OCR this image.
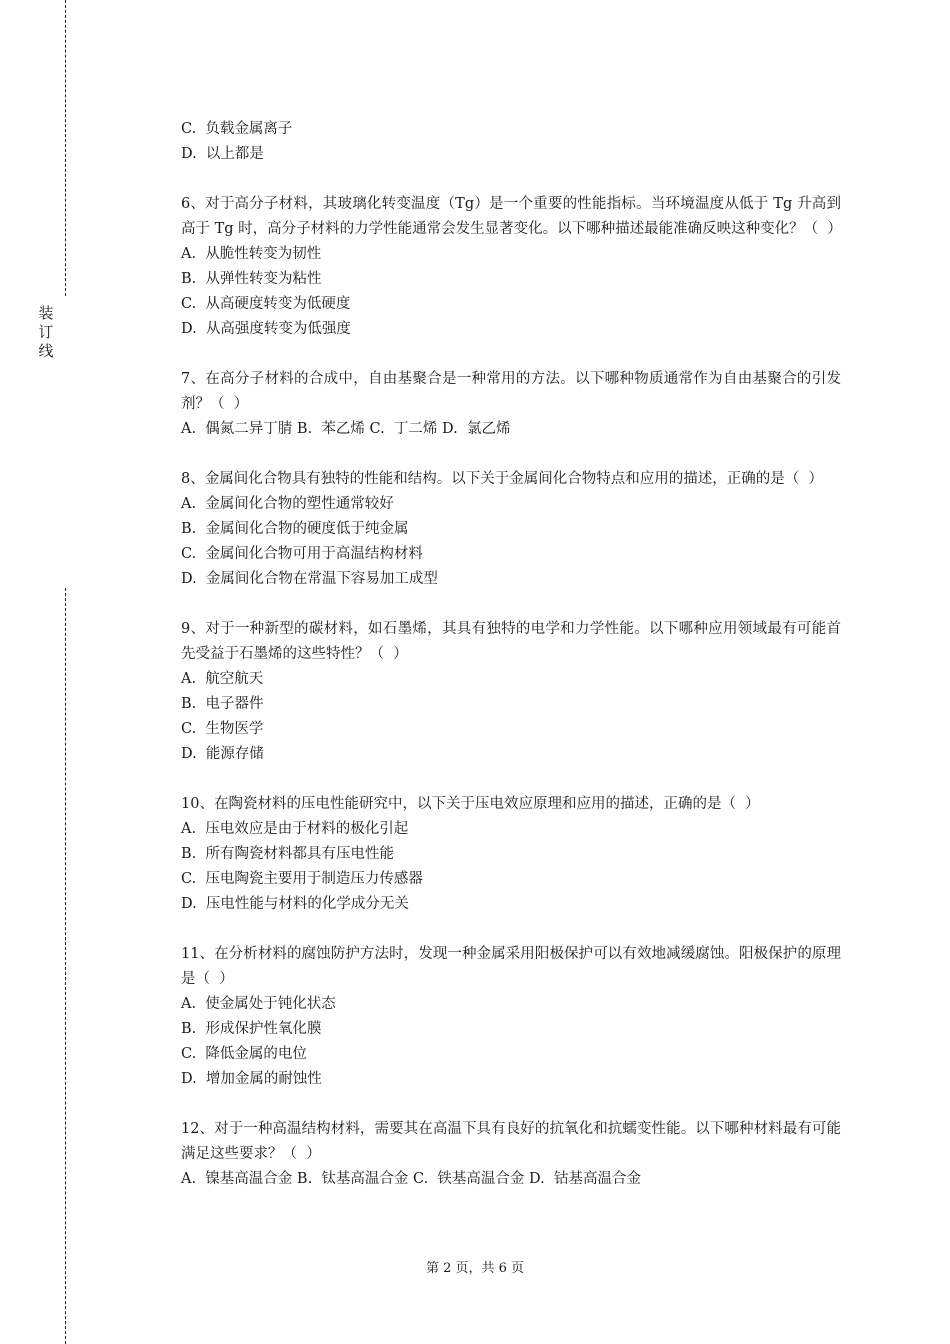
装
订
线
C.  负载金属离子
D.  以上都是
6、对于高分子材料，其玻璃化转变温度（Tg）是一个重要的性能指标。当环境温度从低于 Tg 升高到高于 Tg 时，高分子材料的力学性能通常会发生显著变化。以下哪种描述最能准确反映这种变化？（  ）
A.  从脆性转变为韧性
B.  从弹性转变为粘性
C.  从高硬度转变为低硬度
D.  从高强度转变为低强度
7、在高分子材料的合成中，自由基聚合是一种常用的方法。以下哪种物质通常作为自由基聚合的引发剂？（  ）
A.  偶氮二异丁腈 B.  苯乙烯 C.  丁二烯 D.  氯乙烯
8、金属间化合物具有独特的性能和结构。以下关于金属间化合物特点和应用的描述，正确的是（  ）
A.  金属间化合物的塑性通常较好
B.  金属间化合物的硬度低于纯金属
C.  金属间化合物可用于高温结构材料
D.  金属间化合物在常温下容易加工成型
9、对于一种新型的碳材料，如石墨烯，其具有独特的电学和力学性能。以下哪种应用领域最有可能首先受益于石墨烯的这些特性？（  ）
A.  航空航天
B.  电子器件
C.  生物医学
D.  能源存储
10、在陶瓷材料的压电性能研究中，以下关于压电效应原理和应用的描述，正确的是（  ）
A.  压电效应是由于材料的极化引起
B.  所有陶瓷材料都具有压电性能
C.  压电陶瓷主要用于制造压力传感器
D.  压电性能与材料的化学成分无关
11、在分析材料的腐蚀防护方法时，发现一种金属采用阳极保护可以有效地减缓腐蚀。阳极保护的原理是（  ）
A.  使金属处于钝化状态
B.  形成保护性氧化膜
C.  降低金属的电位
D.  增加金属的耐蚀性
12、对于一种高温结构材料，需要其在高温下具有良好的抗氧化和抗蠕变性能。以下哪种材料最有可能满足这些要求？（  ）
A.  镍基高温合金 B.  钛基高温合金 C.  铁基高温合金 D.  钴基高温合金
第 2 页，共 6 页
